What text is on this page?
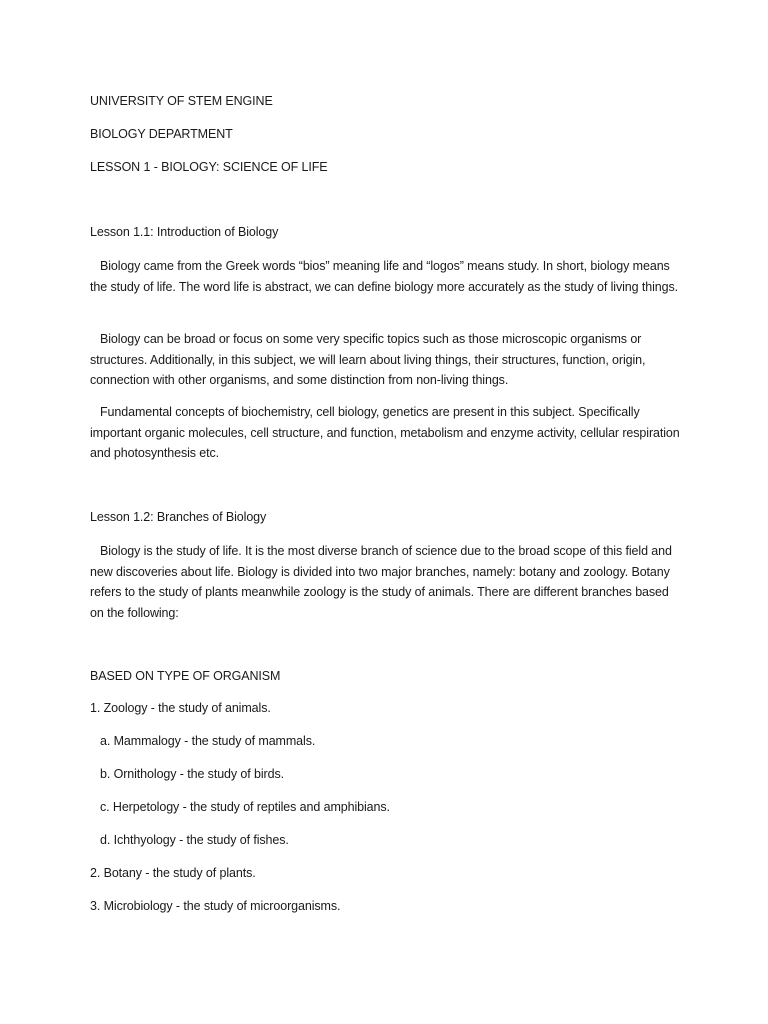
UNIVERSITY OF STEM ENGINE

BIOLOGY DEPARTMENT

LESSON 1 - BIOLOGY: SCIENCE OF LIFE

Lesson 1.1: Introduction of Biology

Biology came from the Greek words “bios” meaning life and “logos” means study. In short, biology means the study of life. The word life is abstract, we can define biology more accurately as the study of living things.

Biology can be broad or focus on some very specific topics such as those microscopic organisms or structures. Additionally, in this subject, we will learn about living things, their structures, function, origin, connection with other organisms, and some distinction from non-living things.

Fundamental concepts of biochemistry, cell biology, genetics are present in this subject. Specifically important organic molecules, cell structure, and function, metabolism and enzyme activity, cellular respiration and photosynthesis etc.

Lesson 1.2: Branches of Biology

Biology is the study of life. It is the most diverse branch of science due to the broad scope of this field and new discoveries about life. Biology is divided into two major branches, namely: botany and zoology. Botany refers to the study of plants meanwhile zoology is the study of animals. There are different branches based on the following:

BASED ON TYPE OF ORGANISM

1. Zoology - the study of animals.

a. Mammalogy - the study of mammals.

b. Ornithology - the study of birds.

c. Herpetology - the study of reptiles and amphibians.

d. Ichthyology - the study of fishes.

2. Botany - the study of plants.

3. Microbiology - the study of microorganisms.
